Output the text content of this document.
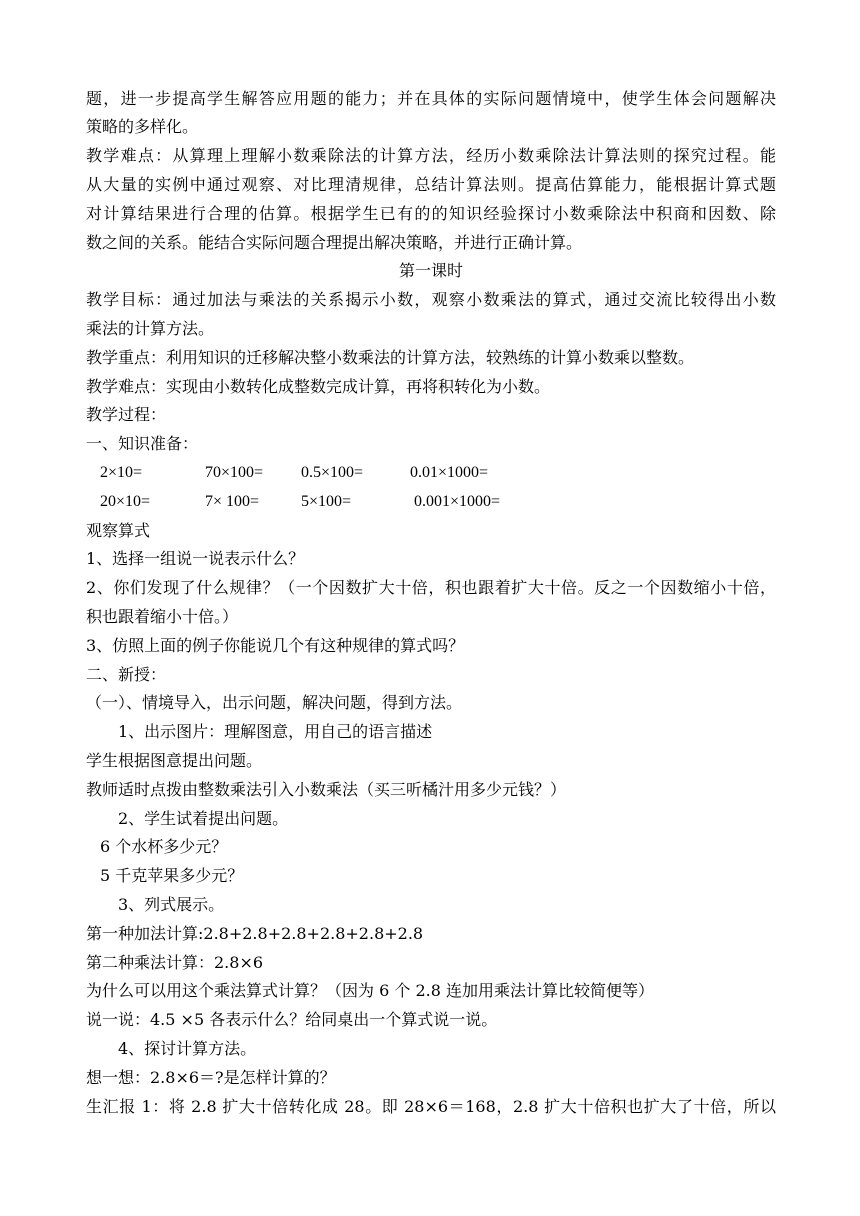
题，进一步提高学生解答应用题的能力；并在具体的实际问题情境中，使学生体会问题解决
策略的多样化。
教学难点：从算理上理解小数乘除法的计算方法，经历小数乘除法计算法则的探究过程。能
从大量的实例中通过观察、对比理清规律，总结计算法则。提高估算能力，能根据计算式题
对计算结果进行合理的估算。根据学生已有的的知识经验探讨小数乘除法中积商和因数、除
数之间的关系。能结合实际问题合理提出解决策略，并进行正确计算。
第一课时
教学目标：通过加法与乘法的关系揭示小数，观察小数乘法的算式，通过交流比较得出小数
乘法的计算方法。
教学重点：利用知识的迁移解决整小数乘法的计算方法，较熟练的计算小数乘以整数。
教学难点：实现由小数转化成整数完成计算，再将积转化为小数。
教学过程：
一、知识准备：
2×10=	70×100= 0.5×100=	0.01×1000=
20×10=	7× 100=	5×100=	0.001×1000=
观察算式
1、选择一组说一说表示什么？
2、你们发现了什么规律？（一个因数扩大十倍，积也跟着扩大十倍。反之一个因数缩小十倍，
积也跟着缩小十倍。）
3、仿照上面的例子你能说几个有这种规律的算式吗？
二、新授：
（一）、情境导入，出示问题，解决问题，得到方法。
1、出示图片：理解图意，用自己的语言描述
学生根据图意提出问题。
教师适时点拨由整数乘法引入小数乘法（买三听橘汁用多少元钱？）
2、学生试着提出问题。
6 个水杯多少元？
5 千克苹果多少元？
3、列式展示。
第一种加法计算:2.8+2.8+2.8+2.8+2.8+2.8
第二种乘法计算：2.8×6
为什么可以用这个乘法算式计算？（因为 6 个 2.8 连加用乘法计算比较简便等）
说一说：4.5 ×5 各表示什么？给同桌出一个算式说一说。
4、探讨计算方法。
想一想：2.8×6＝?是怎样计算的？
生汇报 1：将 2.8 扩大十倍转化成 28。即 28×6＝168，2.8 扩大十倍积也扩大了十倍，所以
